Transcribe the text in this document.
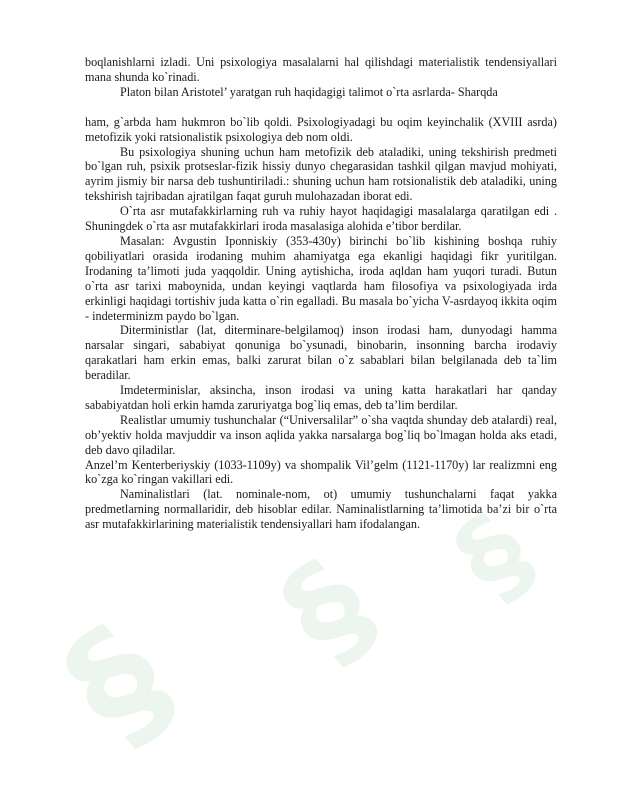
§ § §

boqlanishlarni izladi. Uni psixologiya masalalarni hal qilishdagi materialistik tendensiyallari mana shunda ko`rinadi.

Platon bilan Aristotel’ yaratgan ruh haqidagigi talimot o`rta asrlarda- Sharqda

ham, g`arbda ham hukmron bo`lib qoldi. Psixologiyadagi bu oqim keyinchalik (XVIII asrda) metofizik yoki ratsionalistik psixologiya deb nom oldi.

Bu psixologiya shuning uchun ham metofizik deb ataladiki, uning tekshirish predmeti bo`lgan ruh, psixik protseslar-fizik hissiy dunyo chegarasidan tashkil qilgan mavjud mohiyati, ayrim jismiy bir narsa deb tushuntiriladi.: shuning uchun ham rotsionalistik deb ataladiki, uning tekshirish tajribadan ajratilgan faqat guruh mulohazadan iborat edi.

O`rta asr mutafakkirlarning ruh va ruhiy hayot haqidagigi masalalarga qaratilgan edi . Shuningdek o`rta asr mutafakkirlari iroda masalasiga alohida e’tibor berdilar.

Masalan: Avgustin Iponniskiy (353-430y) birinchi bo`lib kishining boshqa ruhiy qobiliyatlari orasida irodaning muhim ahamiyatga ega ekanligi haqidagi fikr yuritilgan. Irodaning ta’limoti juda yaqqoldir. Uning aytishicha, iroda aqldan ham yuqori turadi. Butun o`rta asr tarixi maboynida, undan keyingi vaqtlarda ham filosofiya va psixologiyada irda erkinligi haqidagi tortishiv juda katta o`rin egalladi. Bu masala bo`yicha V-asrdayoq ikkita oqim - indeterminizm paydo bo`lgan.

Diterministlar (lat, diterminare-belgilamoq) inson irodasi ham, dunyodagi hamma narsalar singari, sababiyat qonuniga bo`ysunadi, binobarin, insonning barcha irodaviy qarakatlari ham erkin emas, balki zarurat bilan o`z sabablari bilan belgilanada deb ta`lim beradilar.

Imdeterminislar, aksincha, inson irodasi va uning katta harakatlari har qanday sababiyatdan holi erkin hamda zaruriyatga bog`liq emas, deb ta’lim berdilar.

Realistlar umumiy tushunchalar (“Universalilar” o`sha vaqtda shunday deb atalardi) real, ob’yektiv holda mavjuddir va inson aqlida yakka narsalarga bog`liq bo`lmagan holda aks etadi, deb davo qiladilar.

Anzel’m Kenterberiyskiy (1033-1109y) va shompalik Vil’gelm (1121-1170y) lar realizmni eng ko`zga ko`ringan vakillari edi.

Naminalistlari (lat. nominale-nom, ot) umumiy tushunchalarni faqat yakka predmetlarning normallaridir, deb hisoblar edilar. Naminalistlarning ta’limotida ba’zi bir o`rta asr mutafakkirlarining materialistik tendensiyallari ham ifodalangan.
